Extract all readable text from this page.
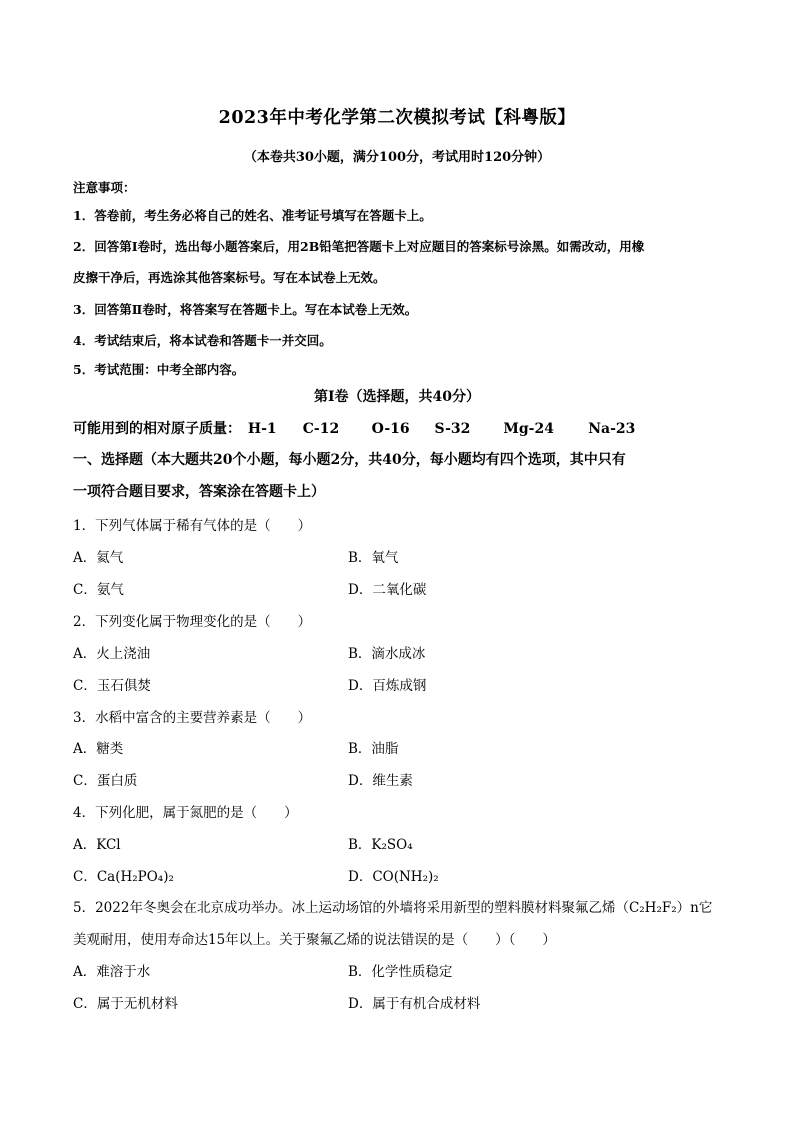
2023年中考化学第二次模拟考试【科粤版】
（本卷共30小题，满分100分，考试用时120分钟）
注意事项：
1．答卷前，考生务必将自己的姓名、准考证号填写在答题卡上。
2．回答第Ⅰ卷时，选出每小题答案后，用2B铅笔把答题卡上对应题目的答案标号涂黑。如需改动，用橡
皮擦干净后，再选涂其他答案标号。写在本试卷上无效。
3．回答第Ⅱ卷时，将答案写在答题卡上。写在本试卷上无效。
4．考试结束后，将本试卷和答题卡一并交回。
5．考试范围：中考全部内容。
第Ⅰ卷（选择题，共40分）
可能用到的相对原子质量： H-1 C-12 O-16 S-32 Mg-24 Na-23
一、选择题（本大题共20个小题，每小题2分，共40分，每小题均有四个选项，其中只有
一项符合题目要求，答案涂在答题卡上）
1．下列气体属于稀有气体的是（　　）
A．氦气	B．氧气
C．氨气	D．二氧化碳
2．下列变化属于物理变化的是（　　）
A．火上浇油	B．滴水成冰
C．玉石俱焚	D．百炼成钢
3．水稻中富含的主要营养素是（　　）
A．糖类	B．油脂
C．蛋白质	D．维生素
4．下列化肥，属于氮肥的是（　　）
A．KCl	B．K₂SO₄
C．Ca(H₂PO₄)₂	D．CO(NH₂)₂
5．2022年冬奥会在北京成功举办。冰上运动场馆的外墙将采用新型的塑料膜材料聚氟乙烯（C₂H₂F₂）n它
美观耐用，使用寿命达15年以上。关于聚氟乙烯的说法错误的是（　　）（　　）
A．难溶于水	B．化学性质稳定
C．属于无机材料	D．属于有机合成材料
